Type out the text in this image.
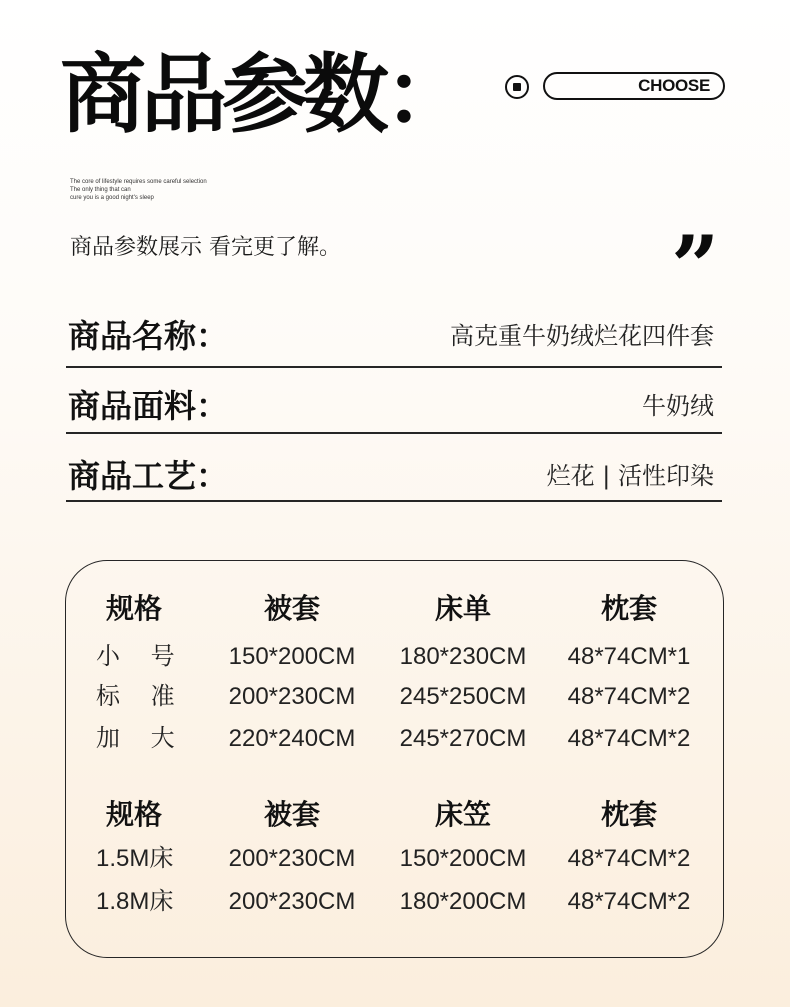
商品参数：	CHOOSE
The core of lifestyle requires some careful selection
The only thing that can
cure you is a good night's sleep
商品参数展示 看完更了解。	”
商品名称：	高克重牛奶绒烂花四件套
商品面料：	牛奶绒
商品工艺：	烂花 | 活性印染
规格	被套	床单	枕套
小 号 150*200CM 180*230CM 48*74CM*1
标 准 200*230CM 245*250CM 48*74CM*2
加 大 220*240CM 245*270CM 48*74CM*2
规格	被套	床笠	枕套
1.5M床 200*230CM 150*200CM 48*74CM*2
1.8M床 200*230CM 180*200CM 48*74CM*2
